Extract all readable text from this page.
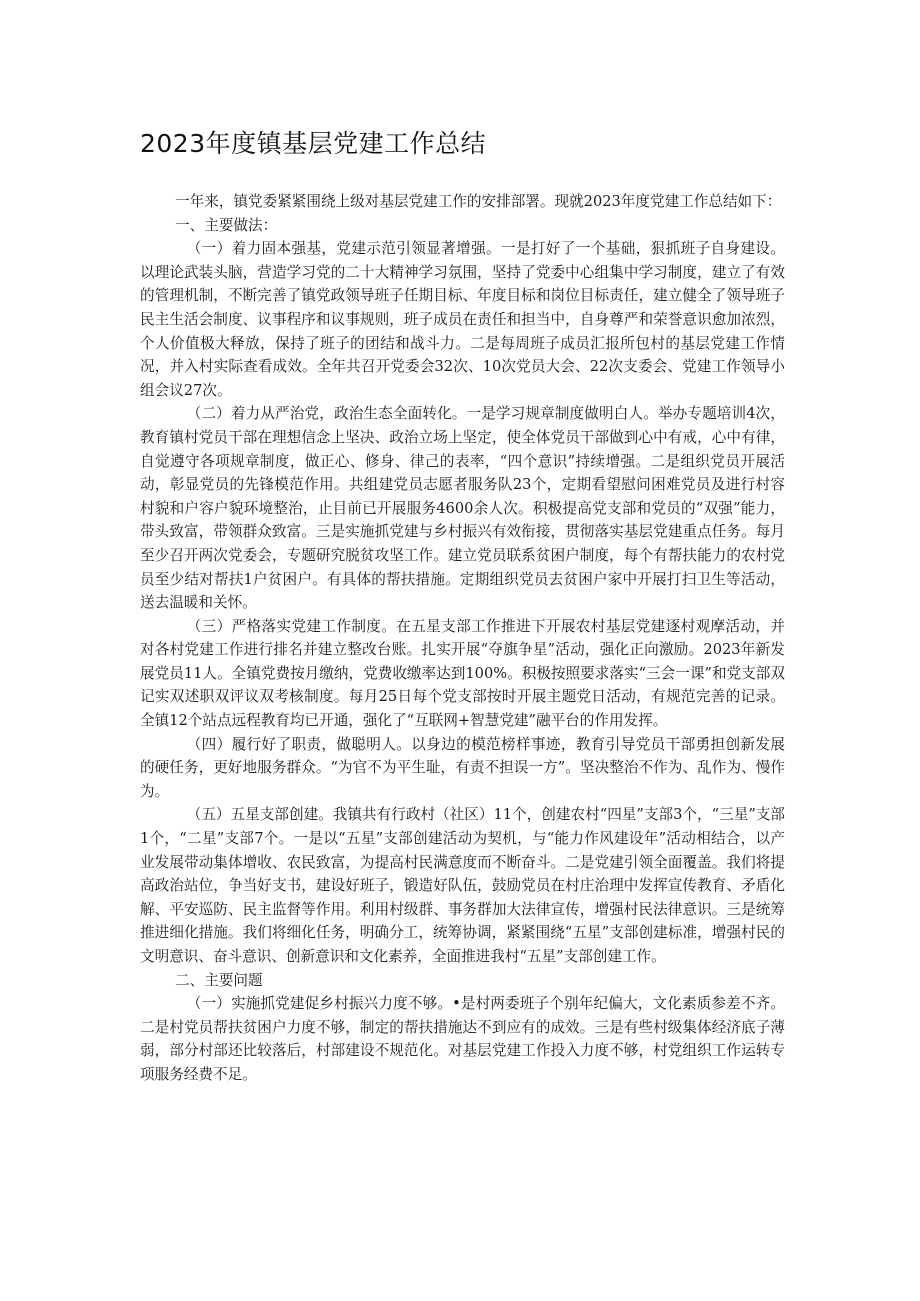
2023年度镇基层党建工作总结

一年来，镇党委紧紧围绕上级对基层党建工作的安排部署。现就2023年度党建工作总结如下：

一、主要做法：

（一）着力固本强基，党建示范引领显著增强。一是打好了一个基础，狠抓班子自身建设。以理论武装头脑，营造学习党的二十大精神学习氛围，坚持了党委中心组集中学习制度，建立了有效的管理机制，不断完善了镇党政领导班子任期目标、年度目标和岗位目标责任，建立健全了领导班子民主生活会制度、议事程序和议事规则，班子成员在责任和担当中，自身尊严和荣誉意识愈加浓烈，个人价值极大释放，保持了班子的团结和战斗力。二是每周班子成员汇报所包村的基层党建工作情况，并入村实际查看成效。全年共召开党委会32次、10次党员大会、22次支委会、党建工作领导小组会议27次。

（二）着力从严治党，政治生态全面转化。一是学习规章制度做明白人。举办专题培训4次，教育镇村党员干部在理想信念上坚决、政治立场上坚定，使全体党员干部做到心中有戒，心中有律，自觉遵守各项规章制度，做正心、修身、律己的表率，“四个意识”持续增强。二是组织党员开展活动，彰显党员的先锋模范作用。共组建党员志愿者服务队23个，定期看望慰问困难党员及进行村容村貌和户容户貌环境整治，止目前已开展服务4600余人次。积极提高党支部和党员的“双强”能力，带头致富，带领群众致富。三是实施抓党建与乡村振兴有效衔接，贯彻落实基层党建重点任务。每月至少召开两次党委会，专题研究脱贫攻坚工作。建立党员联系贫困户制度，每个有帮扶能力的农村党员至少结对帮扶1户贫困户。有具体的帮扶措施。定期组织党员去贫困户家中开展打扫卫生等活动，送去温暖和关怀。

（三）严格落实党建工作制度。在五星支部工作推进下开展农村基层党建逐村观摩活动，并对各村党建工作进行排名并建立整改台账。扎实开展“夺旗争星”活动，强化正向激励。2023年新发展党员11人。全镇党费按月缴纳，党费收缴率达到100%。积极按照要求落实“三会一课”和党支部双记实双述职双评议双考核制度。每月25日每个党支部按时开展主题党日活动，有规范完善的记录。全镇12个站点远程教育均已开通，强化了“互联网+智慧党建”融平台的作用发挥。

（四）履行好了职责，做聪明人。以身边的模范榜样事迹，教育引导党员干部勇担创新发展的硬任务，更好地服务群众。“为官不为平生耻，有责不担误一方”。坚决整治不作为、乱作为、慢作为。

（五）五星支部创建。我镇共有行政村（社区）11个，创建农村“四星”支部3个，“三星”支部1个，“二星”支部7个。一是以“五星”支部创建活动为契机，与“能力作风建设年”活动相结合，以产业发展带动集体增收、农民致富，为提高村民满意度而不断奋斗。二是党建引领全面覆盖。我们将提高政治站位，争当好支书，建设好班子，锻造好队伍，鼓励党员在村庄治理中发挥宣传教育、矛盾化解、平安巡防、民主监督等作用。利用村级群、事务群加大法律宣传，增强村民法律意识。三是统筹推进细化措施。我们将细化任务，明确分工，统筹协调，紧紧围绕“五星”支部创建标准，增强村民的文明意识、奋斗意识、创新意识和文化素养，全面推进我村“五星”支部创建工作。

二、主要问题

（一）实施抓党建促乡村振兴力度不够。•是村两委班子个别年纪偏大，文化素质参差不齐。二是村党员帮扶贫困户力度不够，制定的帮扶措施达不到应有的成效。三是有些村级集体经济底子薄弱，部分村部还比较落后，村部建设不规范化。对基层党建工作投入力度不够，村党组织工作运转专项服务经费不足。
